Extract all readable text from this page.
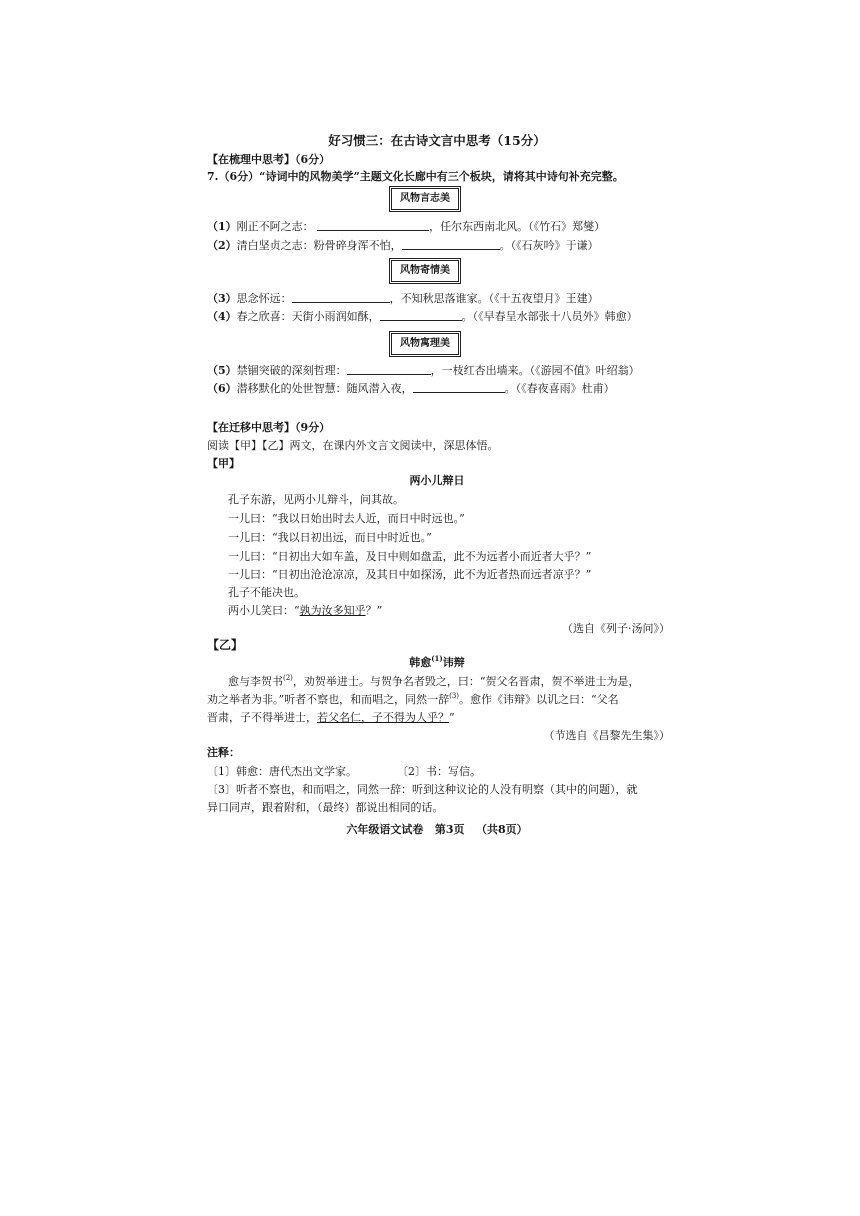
好习惯三：在古诗文言中思考（15分）
【在梳理中思考】（6分）
7.（6分）“诗词中的风物美学”主题文化长廊中有三个板块，请将其中诗句补充完整。
风物言志美
（1）刚正不阿之志：	，任尔东西南北风。（《竹石》郑燮）
（2）清白坚贞之志：粉骨碎身浑不怕，	。（《石灰吟》于谦）
风物寄情美
（3）思念怀远：	，不知秋思落谁家。（《十五夜望月》王建）
（4）春之欣喜：天街小雨润如酥，	。（《早春呈水部张十八员外》韩愈）
风物寓理美
（5）禁锢突破的深刻哲理：	，一枝红杏出墙来。（《游园不值》叶绍翁）
（6）潜移默化的处世智慧：随风潜入夜，	。（《春夜喜雨》杜甫）
【在迁移中思考】（9分）
阅读【甲】【乙】两文，在课内外文言文阅读中，深思体悟。
【甲】
两小儿辩日
孔子东游，见两小儿辩斗，问其故。
一儿曰：“我以日始出时去人近，而日中时远也。”
一儿曰：“我以日初出远，而日中时近也。”
一儿曰：“日初出大如车盖，及日中则如盘盂，此不为远者小而近者大乎？”
一儿曰：“日初出沧沧凉凉，及其日中如探汤，此不为近者热而远者凉乎？”
孔子不能决也。
两小儿笑曰：“孰为汝多知乎？”
（选自《列子·汤问》）
【乙】
韩愈$^{(1)}$讳辩
愈与李贺书$^{(2)}$，劝贺举进士。与贺争名者毁之，曰：“贺父名晋肃，贺不举进士为是，
劝之举者为非。”听者不察也，和而唱之，同然一辞$^{(3)}$。愈作《讳辩》以讥之曰：“父名
晋肃，子不得举进士，若父名仁，子不得为人乎？”
（节选自《昌黎先生集》）
注释：
〔1〕韩愈：唐代杰出文学家。	〔2〕书：写信。
〔3〕听者不察也，和而唱之，同然一辞：听到这种议论的人没有明察（其中的问题），就
异口同声，跟着附和，（最终）都说出相同的话。
六年级语文试卷   第3页   （共8页）
